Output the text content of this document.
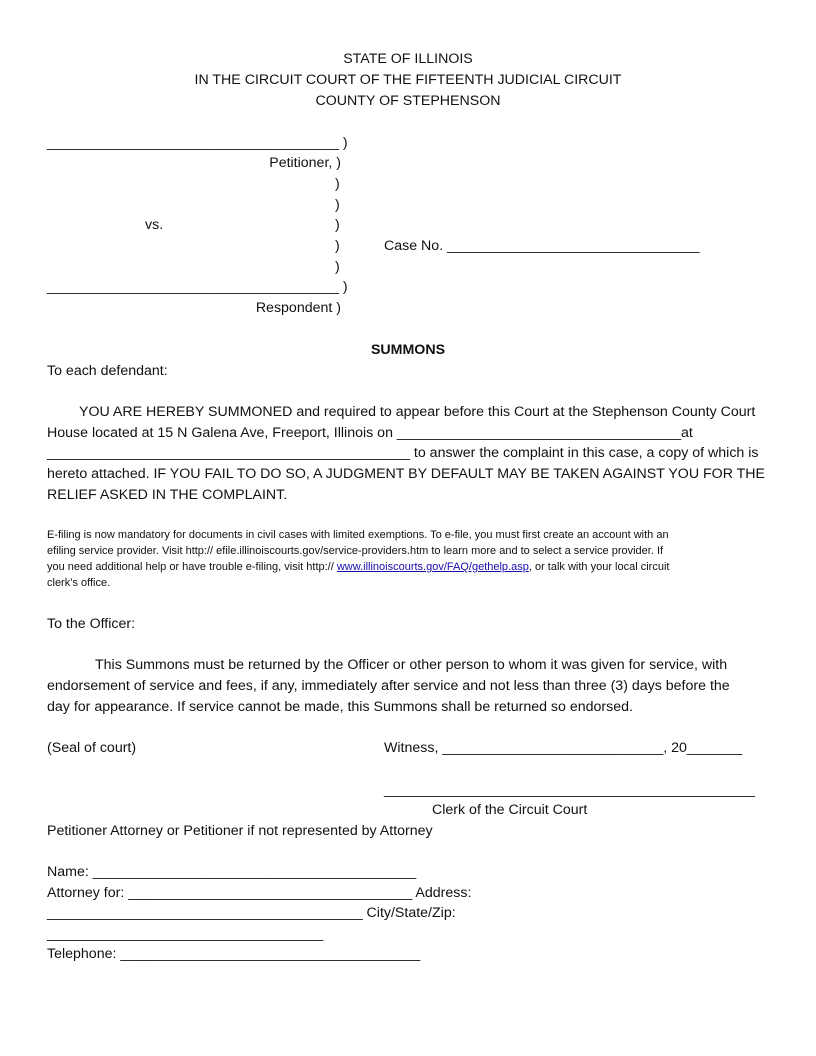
STATE OF ILLINOIS
IN THE CIRCUIT COURT OF THE FIFTEENTH JUDICIAL CIRCUIT
COUNTY OF STEPHENSON
_____________________________________ )
Petitioner, )
)
)
vs.	)
)	Case No. ________________________________
)
_____________________________________ )
Respondent )
SUMMONS
To each defendant:
YOU ARE HEREBY SUMMONED and required to appear before this Court at the Stephenson County Court
House located at 15 N Galena Ave, Freeport, Illinois on ____________________________________at
______________________________________________ to answer the complaint in this case, a copy of which is
hereto attached. IF YOU FAIL TO DO SO, A JUDGMENT BY DEFAULT MAY BE TAKEN AGAINST YOU FOR THE
RELIEF ASKED IN THE COMPLAINT.
E-filing is now mandatory for documents in civil cases with limited exemptions. To e-file, you must first create an account with an
efiling service provider. Visit http:// efile.illinoiscourts.gov/service-providers.htm to learn more and to select a service provider. If
you need additional help or have trouble e-filing, visit http:// www.illinoiscourts.gov/FAQ/gethelp.asp, or talk with your local circuit
clerk’s office.
To the Officer:
This Summons must be returned by the Officer or other person to whom it was given for service, with
endorsement of service and fees, if any, immediately after service and not less than three (3) days before the
day for appearance. If service cannot be made, this Summons shall be returned so endorsed.
(Seal of court)	Witness, ____________________________, 20_______
_______________________________________________
Clerk of the Circuit Court
Petitioner Attorney or Petitioner if not represented by Attorney
Name: _________________________________________
Attorney for: ____________________________________ Address:
________________________________________ City/State/Zip:
___________________________________
Telephone: ______________________________________
